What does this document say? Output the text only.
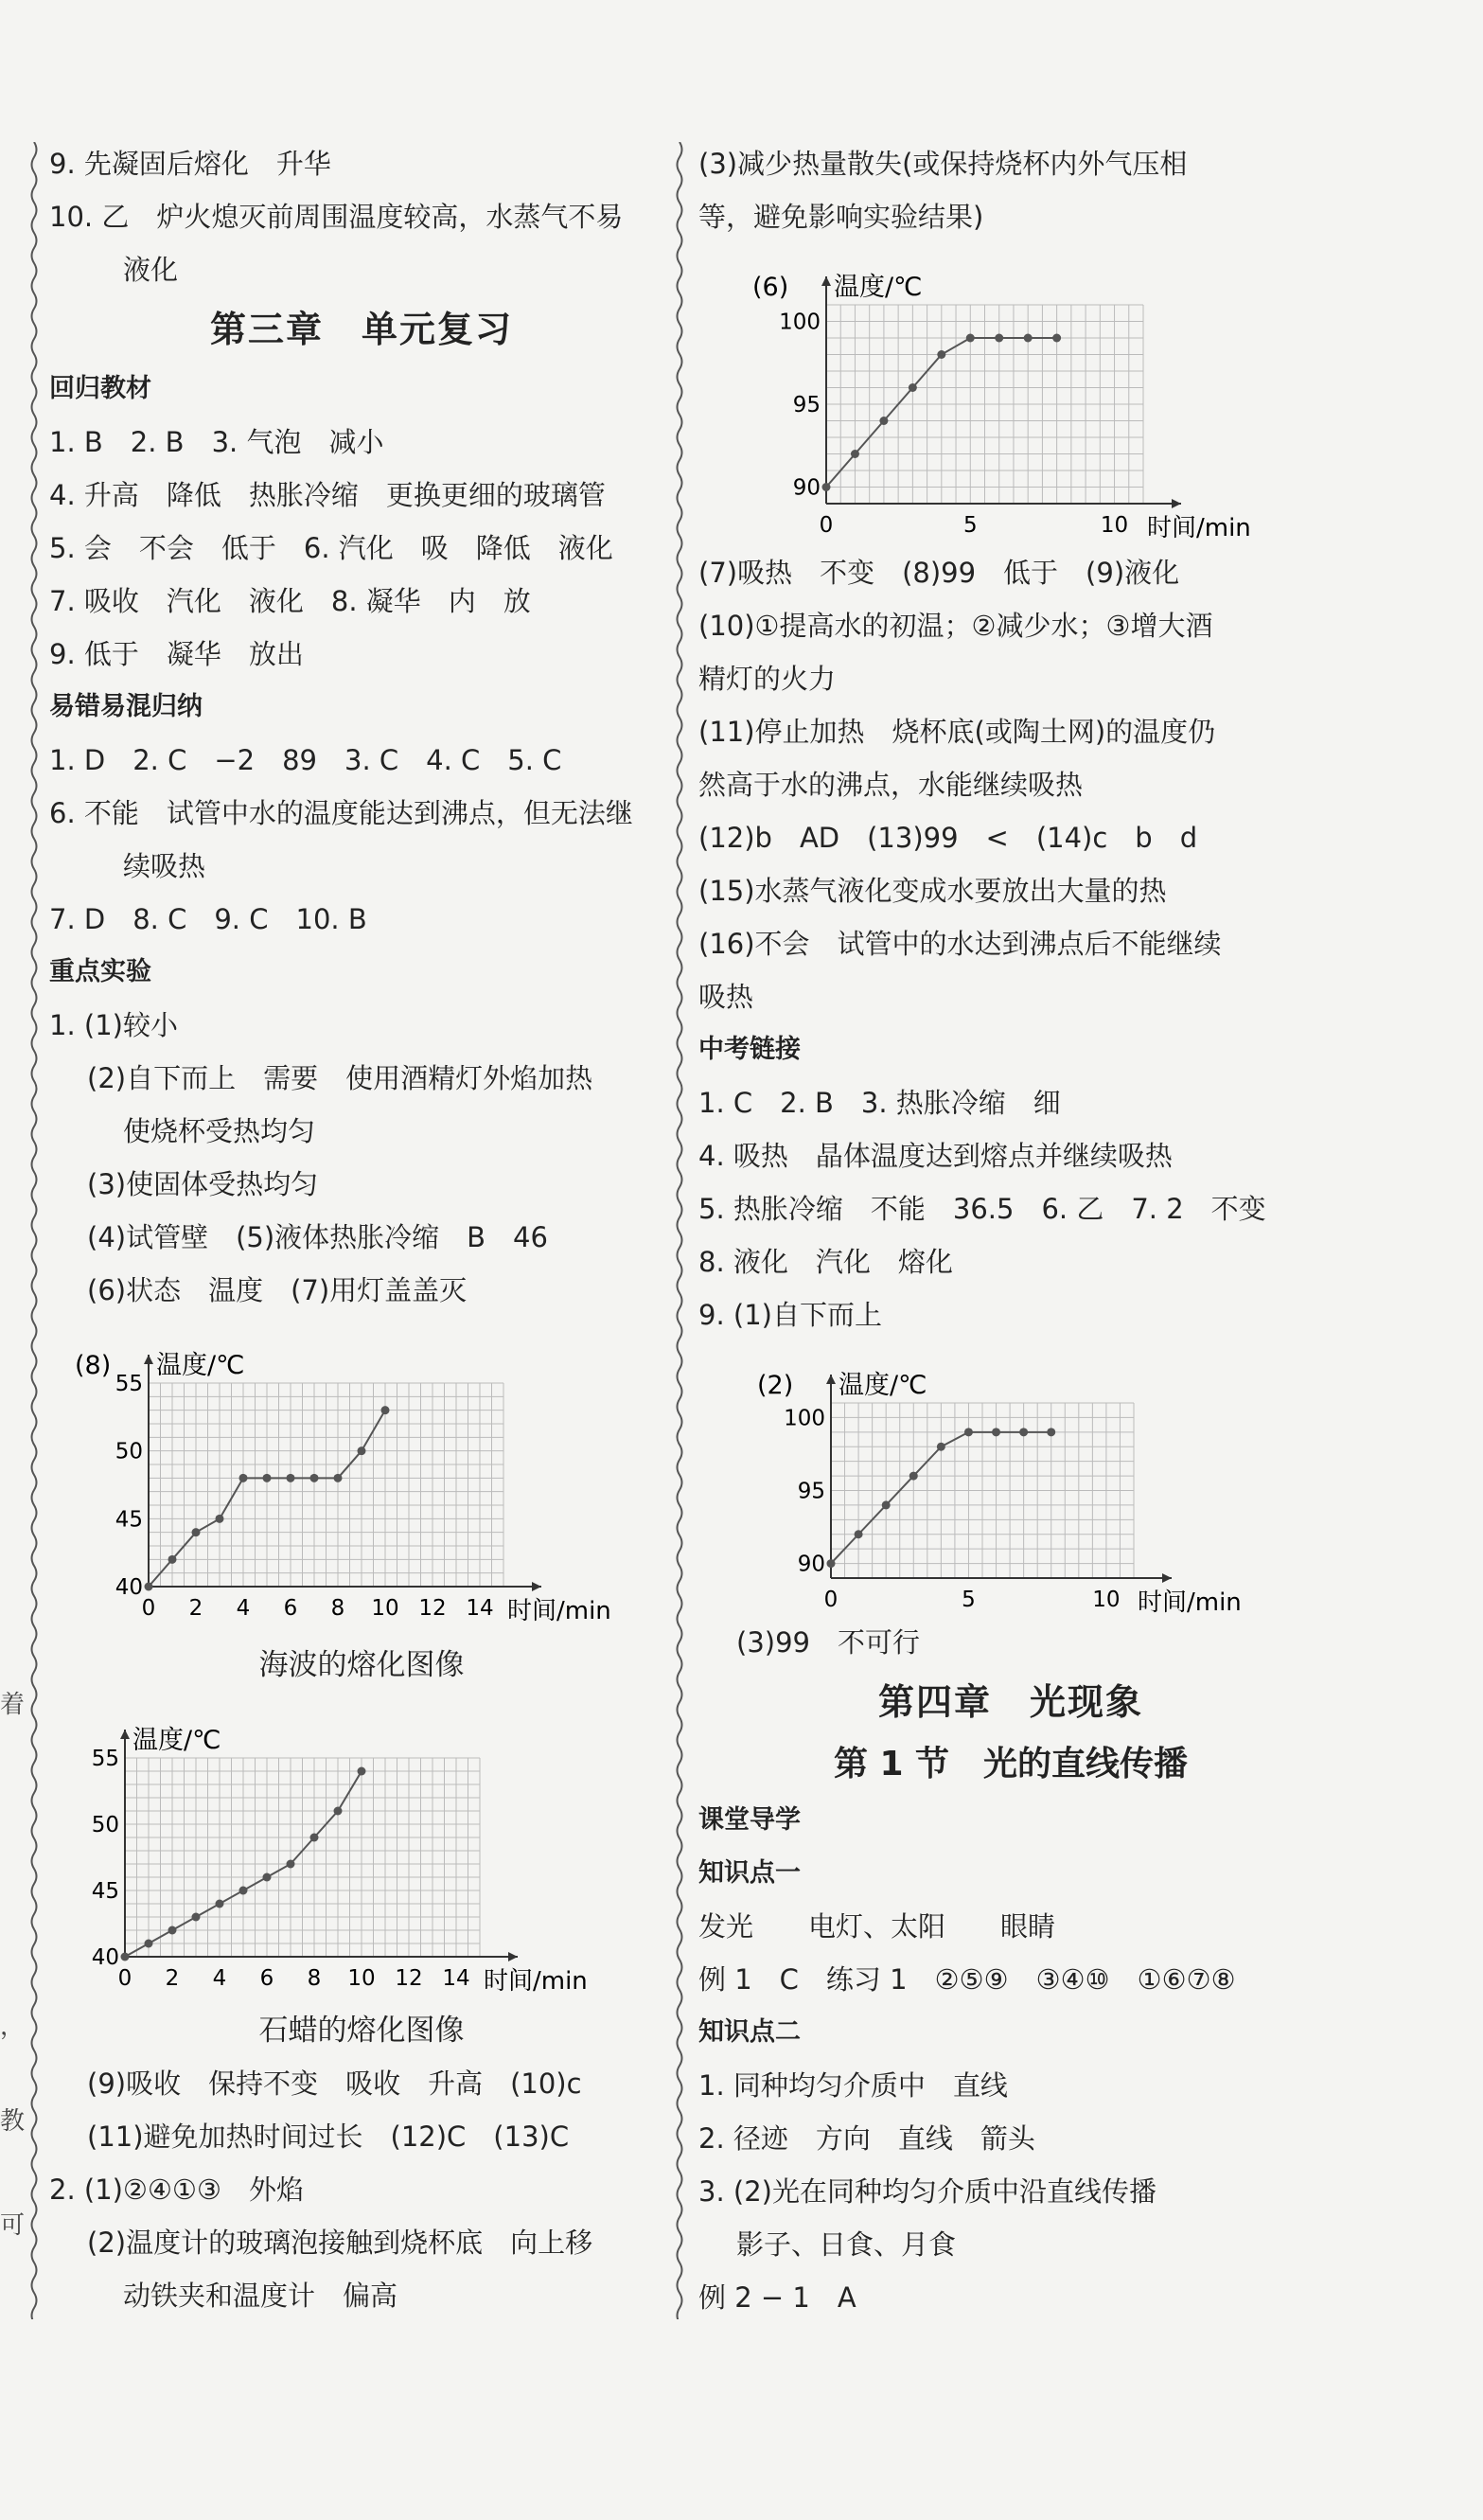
着
，
教
可
9. 先凝固后熔化　升华
10. 乙　炉火熄灭前周围温度较高，水蒸气不易
液化
第三章　单元复习
回归教材
1. B　2. B　3. 气泡　减小
4. 升高　降低　热胀冷缩　更换更细的玻璃管
5. 会　不会　低于　6. 汽化　吸　降低　液化
7. 吸收　汽化　液化　8. 凝华　内　放
9. 低于　凝华　放出
易错易混归纳
1. D　2. C　−2　89　3. C　4. C　5. C
6. 不能　试管中水的温度能达到沸点，但无法继
续吸热
7. D　8. C　9. C　10. B
重点实验
1. (1)较小
(2)自下而上　需要　使用酒精灯外焰加热
使烧杯受热均匀
(3)使固体受热均匀
(4)试管壁　(5)液体热胀冷缩　B　46
(6)状态　温度　(7)用灯盖盖灭
(8) 温度/℃
时间/min
0 2 4 6 8 10 12 14
40
45
50
55
海波的熔化图像
温度/℃
时间/min
0 2 4 6 8 10 12 14
40
45
50
55
石蜡的熔化图像
(9)吸收　保持不变　吸收　升高　(10)c
(11)避免加热时间过长　(12)C　(13)C
2. (1)②④①③　外焰
(2)温度计的玻璃泡接触到烧杯底　向上移
动铁夹和温度计　偏高
(3)减少热量散失(或保持烧杯内外气压相
等，避免影响实验结果)
(6) 温度/℃
时间/min
0	5	10
90
95
100
(7)吸热　不变　(8)99　低于　(9)液化
(10)①提高水的初温；②减少水；③增大酒
精灯的火力
(11)停止加热　烧杯底(或陶土网)的温度仍
然高于水的沸点，水能继续吸热
(12)b　AD　(13)99　<　(14)c　b　d
(15)水蒸气液化变成水要放出大量的热
(16)不会　试管中的水达到沸点后不能继续
吸热
中考链接
1. C　2. B　3. 热胀冷缩　细
4. 吸热　晶体温度达到熔点并继续吸热
5. 热胀冷缩　不能　36.5　6. 乙　7. 2　不变
8. 液化　汽化　熔化
9. (1)自下而上
(2) 温度/℃
时间/min
0	5	10
90
95
100
(3)99　不可行
第四章　光现象
第 1 节　光的直线传播
课堂导学
知识点一
发光　　电灯、太阳　　眼睛
例 1　C　练习 1　②⑤⑨　③④⑩　①⑥⑦⑧
知识点二
1. 同种均匀介质中　直线
2. 径迹　方向　直线　箭头
3. (2)光在同种均匀介质中沿直线传播
影子、日食、月食
例 2 − 1　A
